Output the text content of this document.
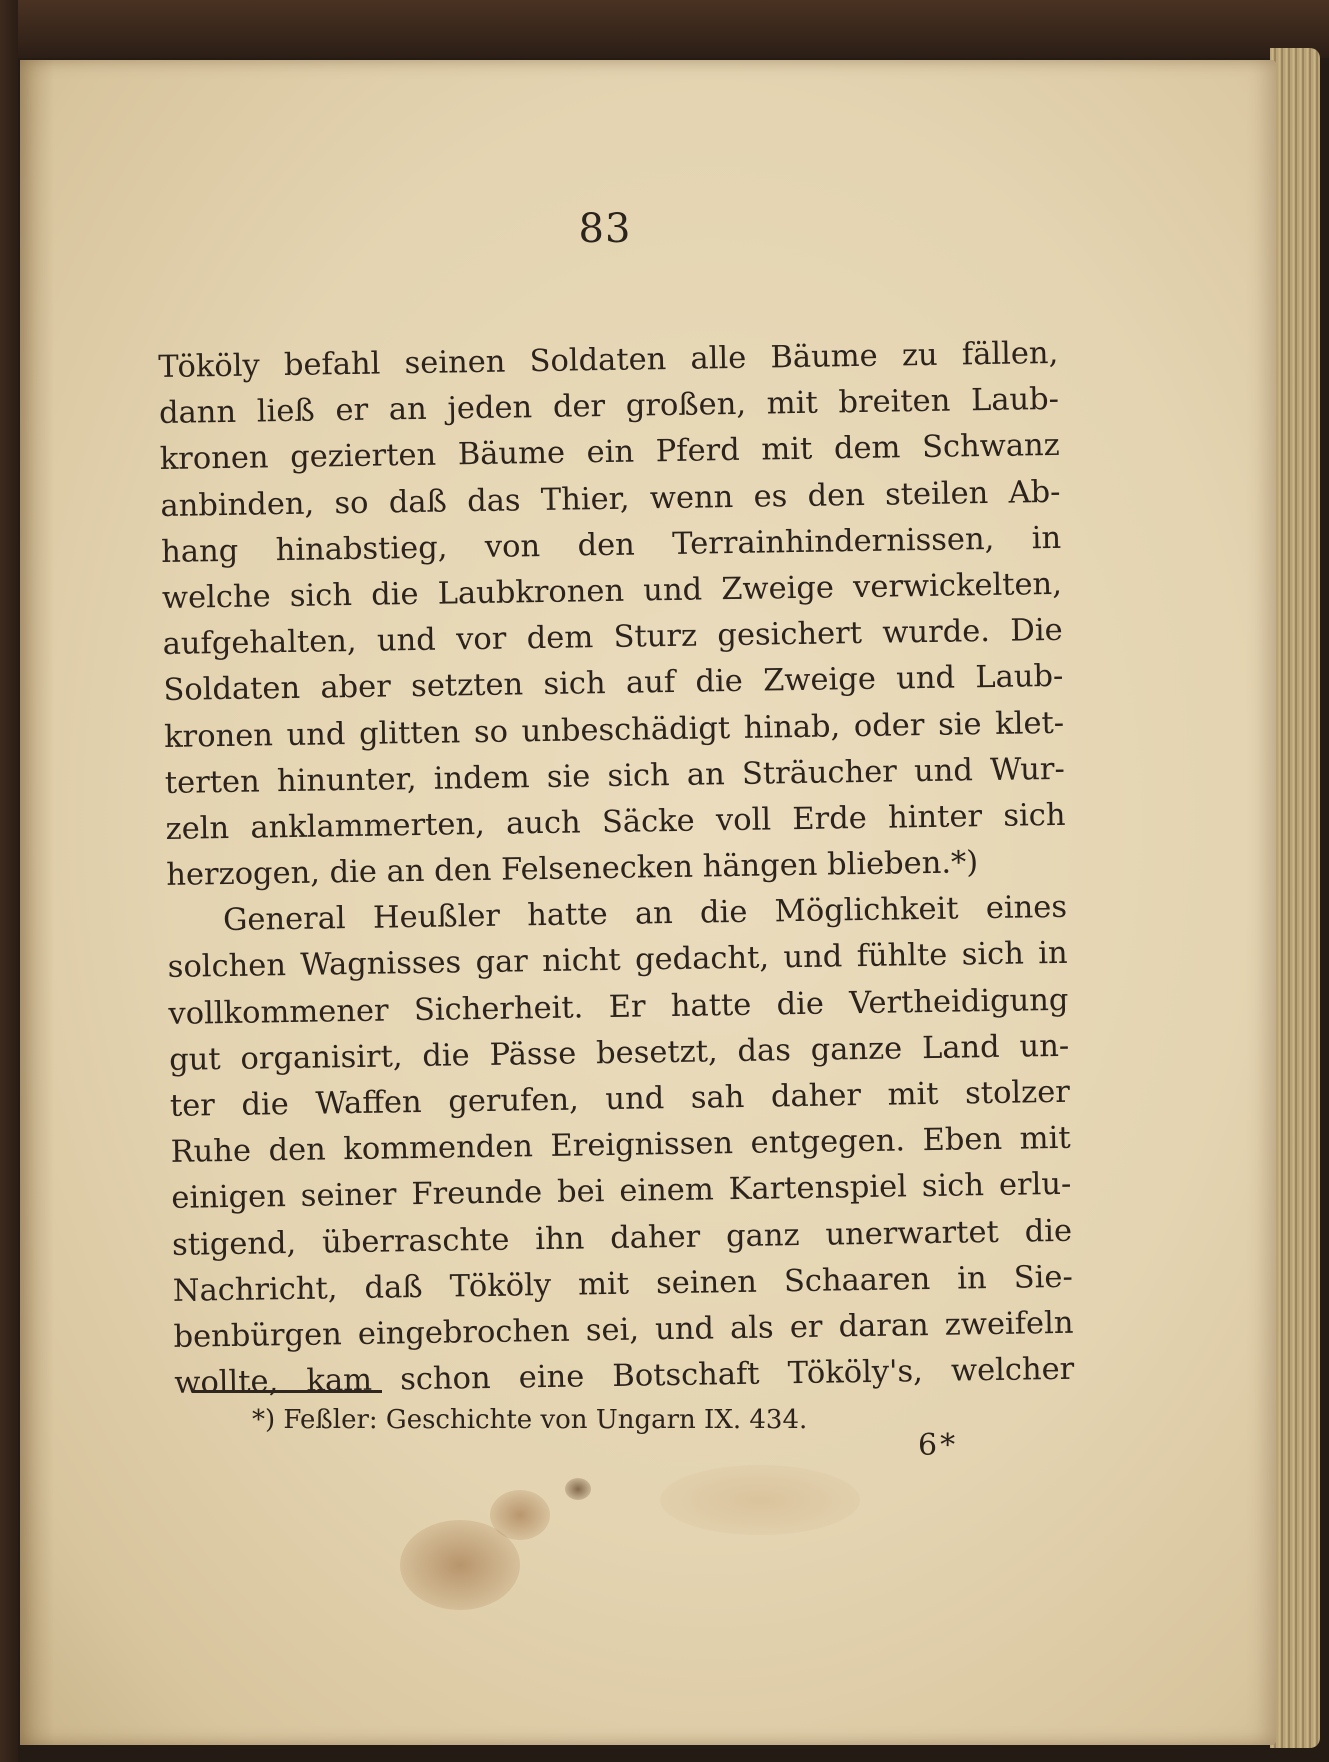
83
Tököly befahl seinen Soldaten alle Bäume zu fällen,
dann ließ er an jeden der großen, mit breiten Laub-
kronen gezierten Bäume ein Pferd mit dem Schwanz
anbinden, so daß das Thier, wenn es den steilen Ab-
hang hinabstieg, von den Terrainhindernissen, in
welche sich die Laubkronen und Zweige verwickelten,
aufgehalten, und vor dem Sturz gesichert wurde. Die
Soldaten aber setzten sich auf die Zweige und Laub-
kronen und glitten so unbeschädigt hinab, oder sie klet-
terten hinunter, indem sie sich an Sträucher und Wur-
zeln anklammerten, auch Säcke voll Erde hinter sich
herzogen, die an den Felsenecken hängen blieben.*)
General Heußler hatte an die Möglichkeit eines
solchen Wagnisses gar nicht gedacht, und fühlte sich in
vollkommener Sicherheit. Er hatte die Vertheidigung
gut organisirt, die Pässe besetzt, das ganze Land un-
ter die Waffen gerufen, und sah daher mit stolzer
Ruhe den kommenden Ereignissen entgegen. Eben mit
einigen seiner Freunde bei einem Kartenspiel sich erlu-
stigend, überraschte ihn daher ganz unerwartet die
Nachricht, daß Tököly mit seinen Schaaren in Sie-
benbürgen eingebrochen sei, und als er daran zweifeln
wollte, kam schon eine Botschaft Tököly's, welcher
*) Feßler: Geschichte von Ungarn IX. 434.
6*
